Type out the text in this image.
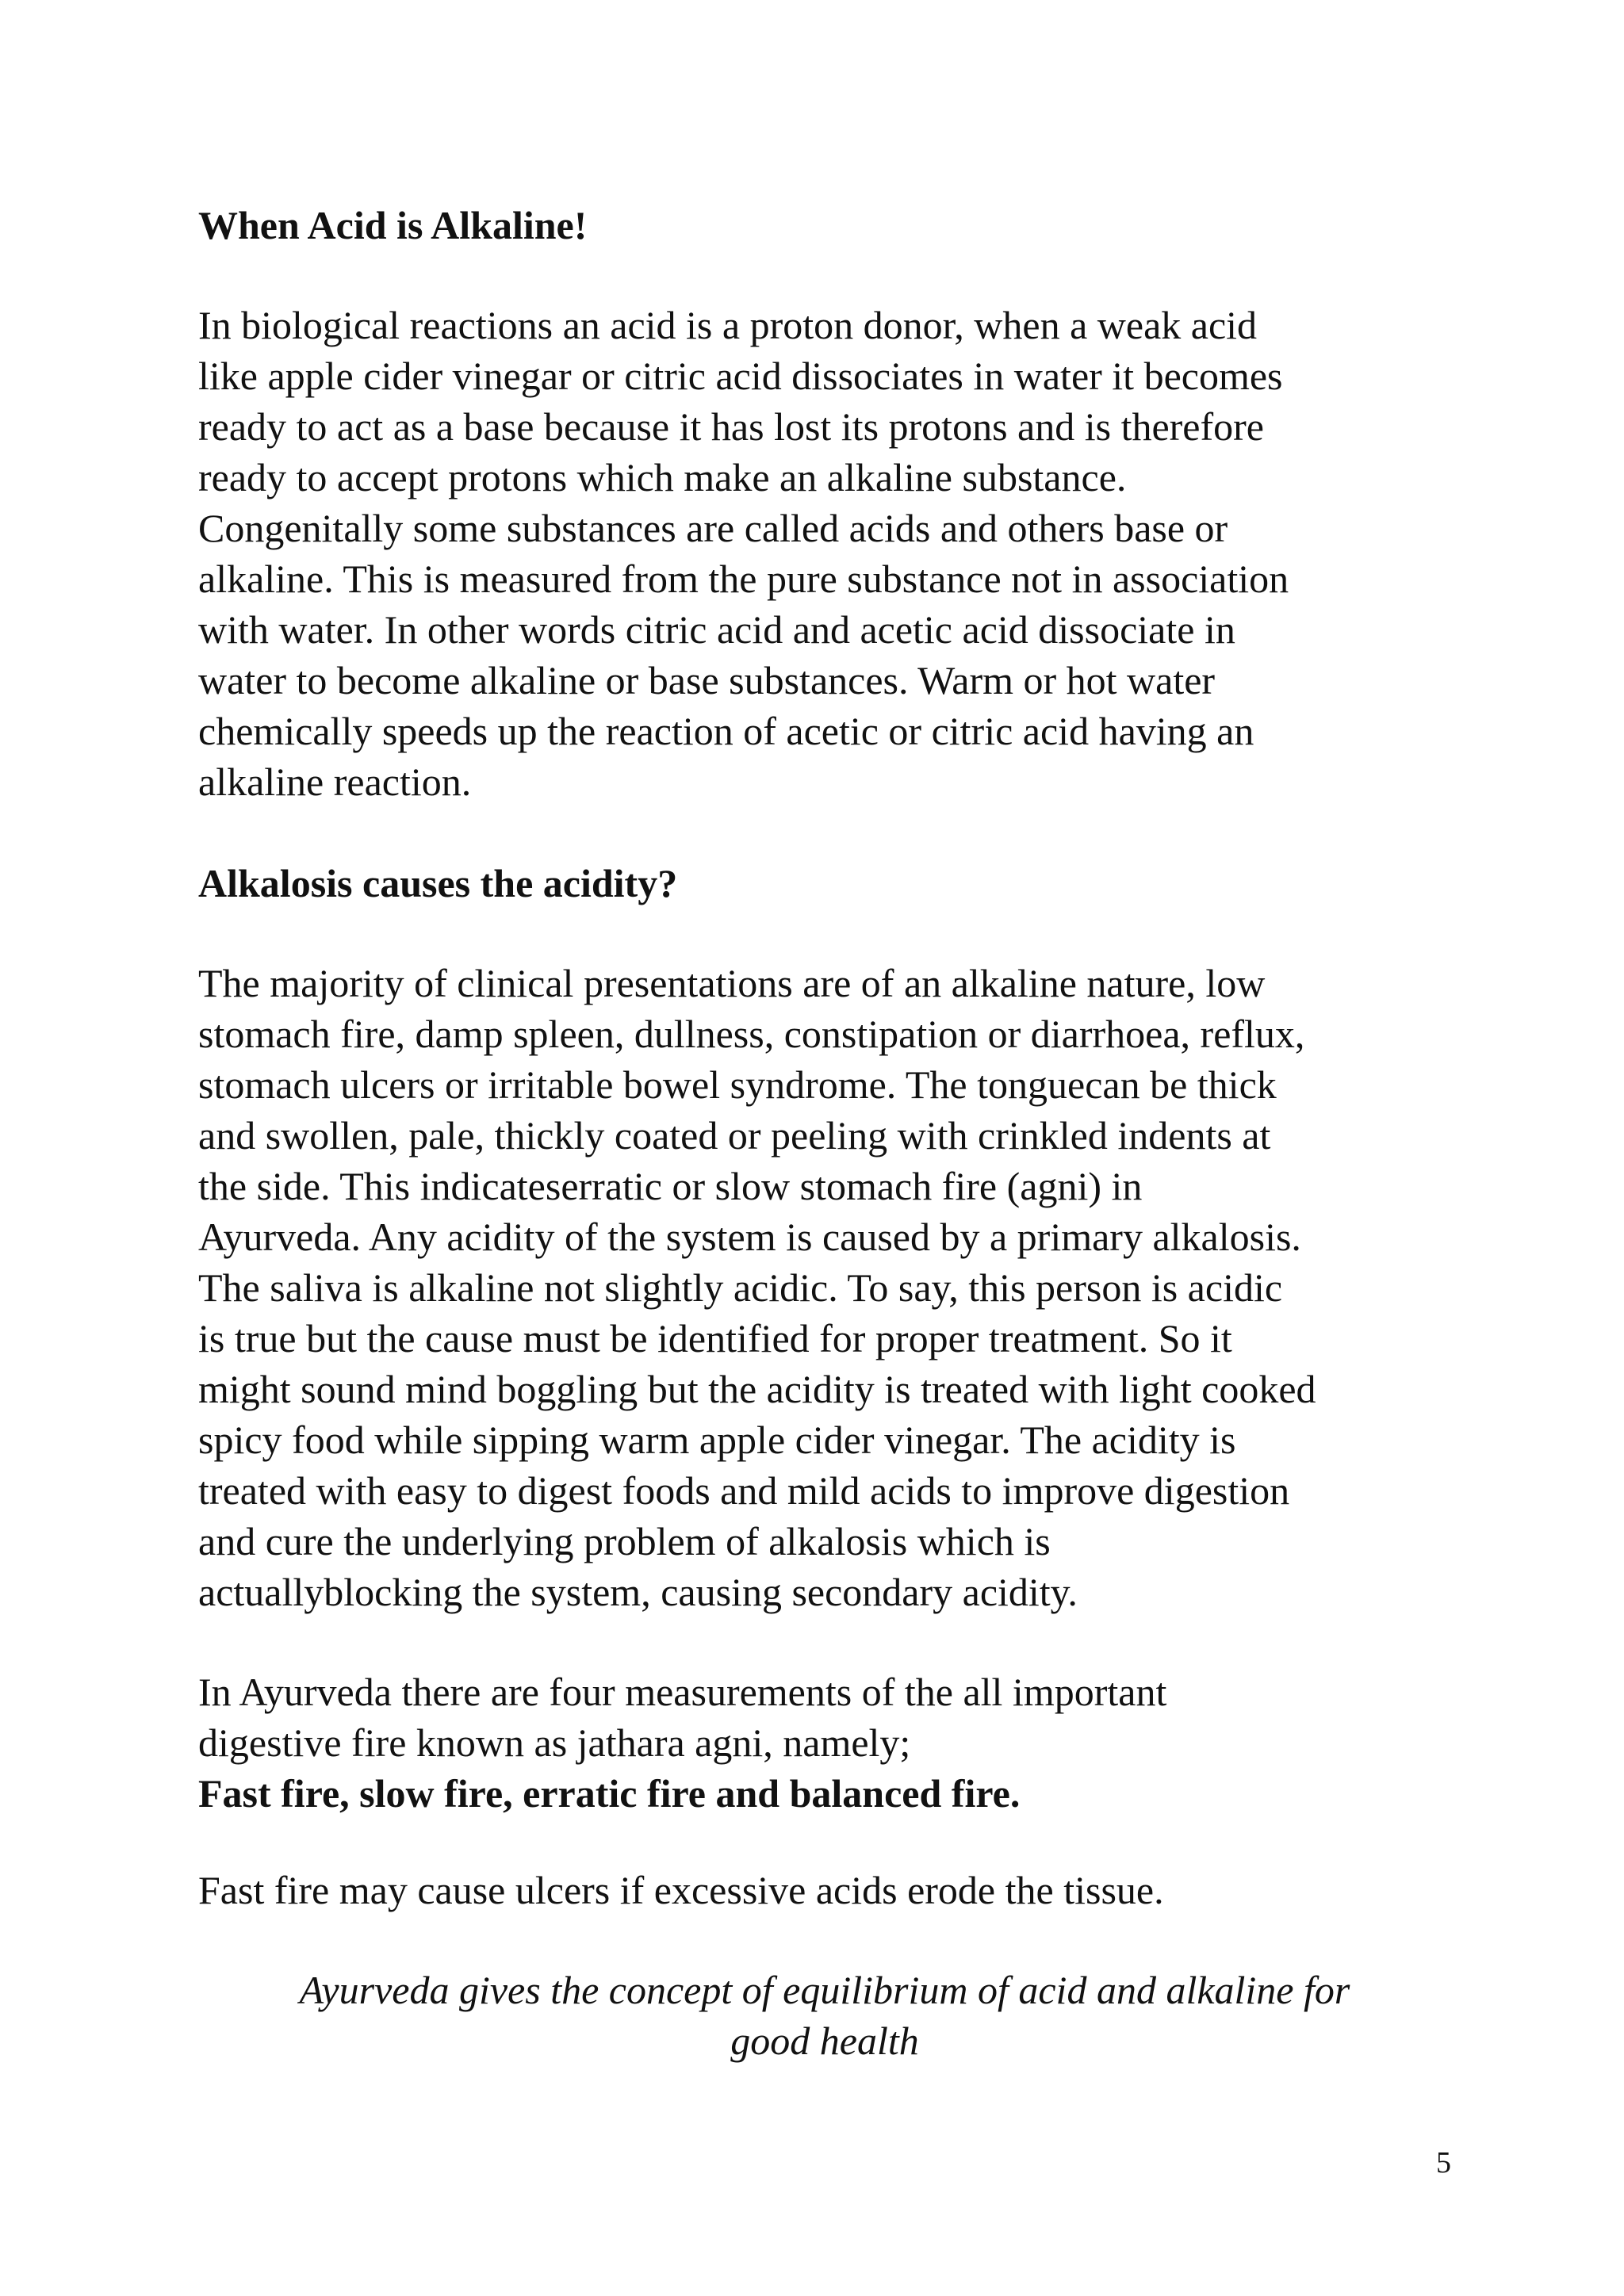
When Acid is Alkaline!
In biological reactions an acid is a proton donor, when a weak acid
like apple cider vinegar or citric acid dissociates in water it becomes
ready to act as a base because it has lost its protons and is therefore
ready to accept protons which make an alkaline substance.
Congenitally some substances are called acids and others base or
alkaline. This is measured from the pure substance not in association
with water. In other words citric acid and acetic acid dissociate in
water to become alkaline or base substances. Warm or hot water
chemically speeds up the reaction of acetic or citric acid having an
alkaline reaction.
Alkalosis causes the acidity?
The majority of clinical presentations are of an alkaline nature, low
stomach fire, damp spleen, dullness, constipation or diarrhoea, reflux,
stomach ulcers or irritable bowel syndrome. The tonguecan be thick
and swollen, pale, thickly coated or peeling with crinkled indents at
the side. This indicateserratic or slow stomach fire (agni) in
Ayurveda. Any acidity of the system is caused by a primary alkalosis.
The saliva is alkaline not slightly acidic. To say, this person is acidic
is true but the cause must be identified for proper treatment. So it
might sound mind boggling but the acidity is treated with light cooked
spicy food while sipping warm apple cider vinegar. The acidity is
treated with easy to digest foods and mild acids to improve digestion
and cure the underlying problem of alkalosis which is
actuallyblocking the system, causing secondary acidity.
In Ayurveda there are four measurements of the all important
digestive fire known as jathara agni, namely;
Fast fire, slow fire, erratic fire and balanced fire.
Fast fire may cause ulcers if excessive acids erode the tissue.
Ayurveda gives the concept of equilibrium of acid and alkaline for
good health
5
